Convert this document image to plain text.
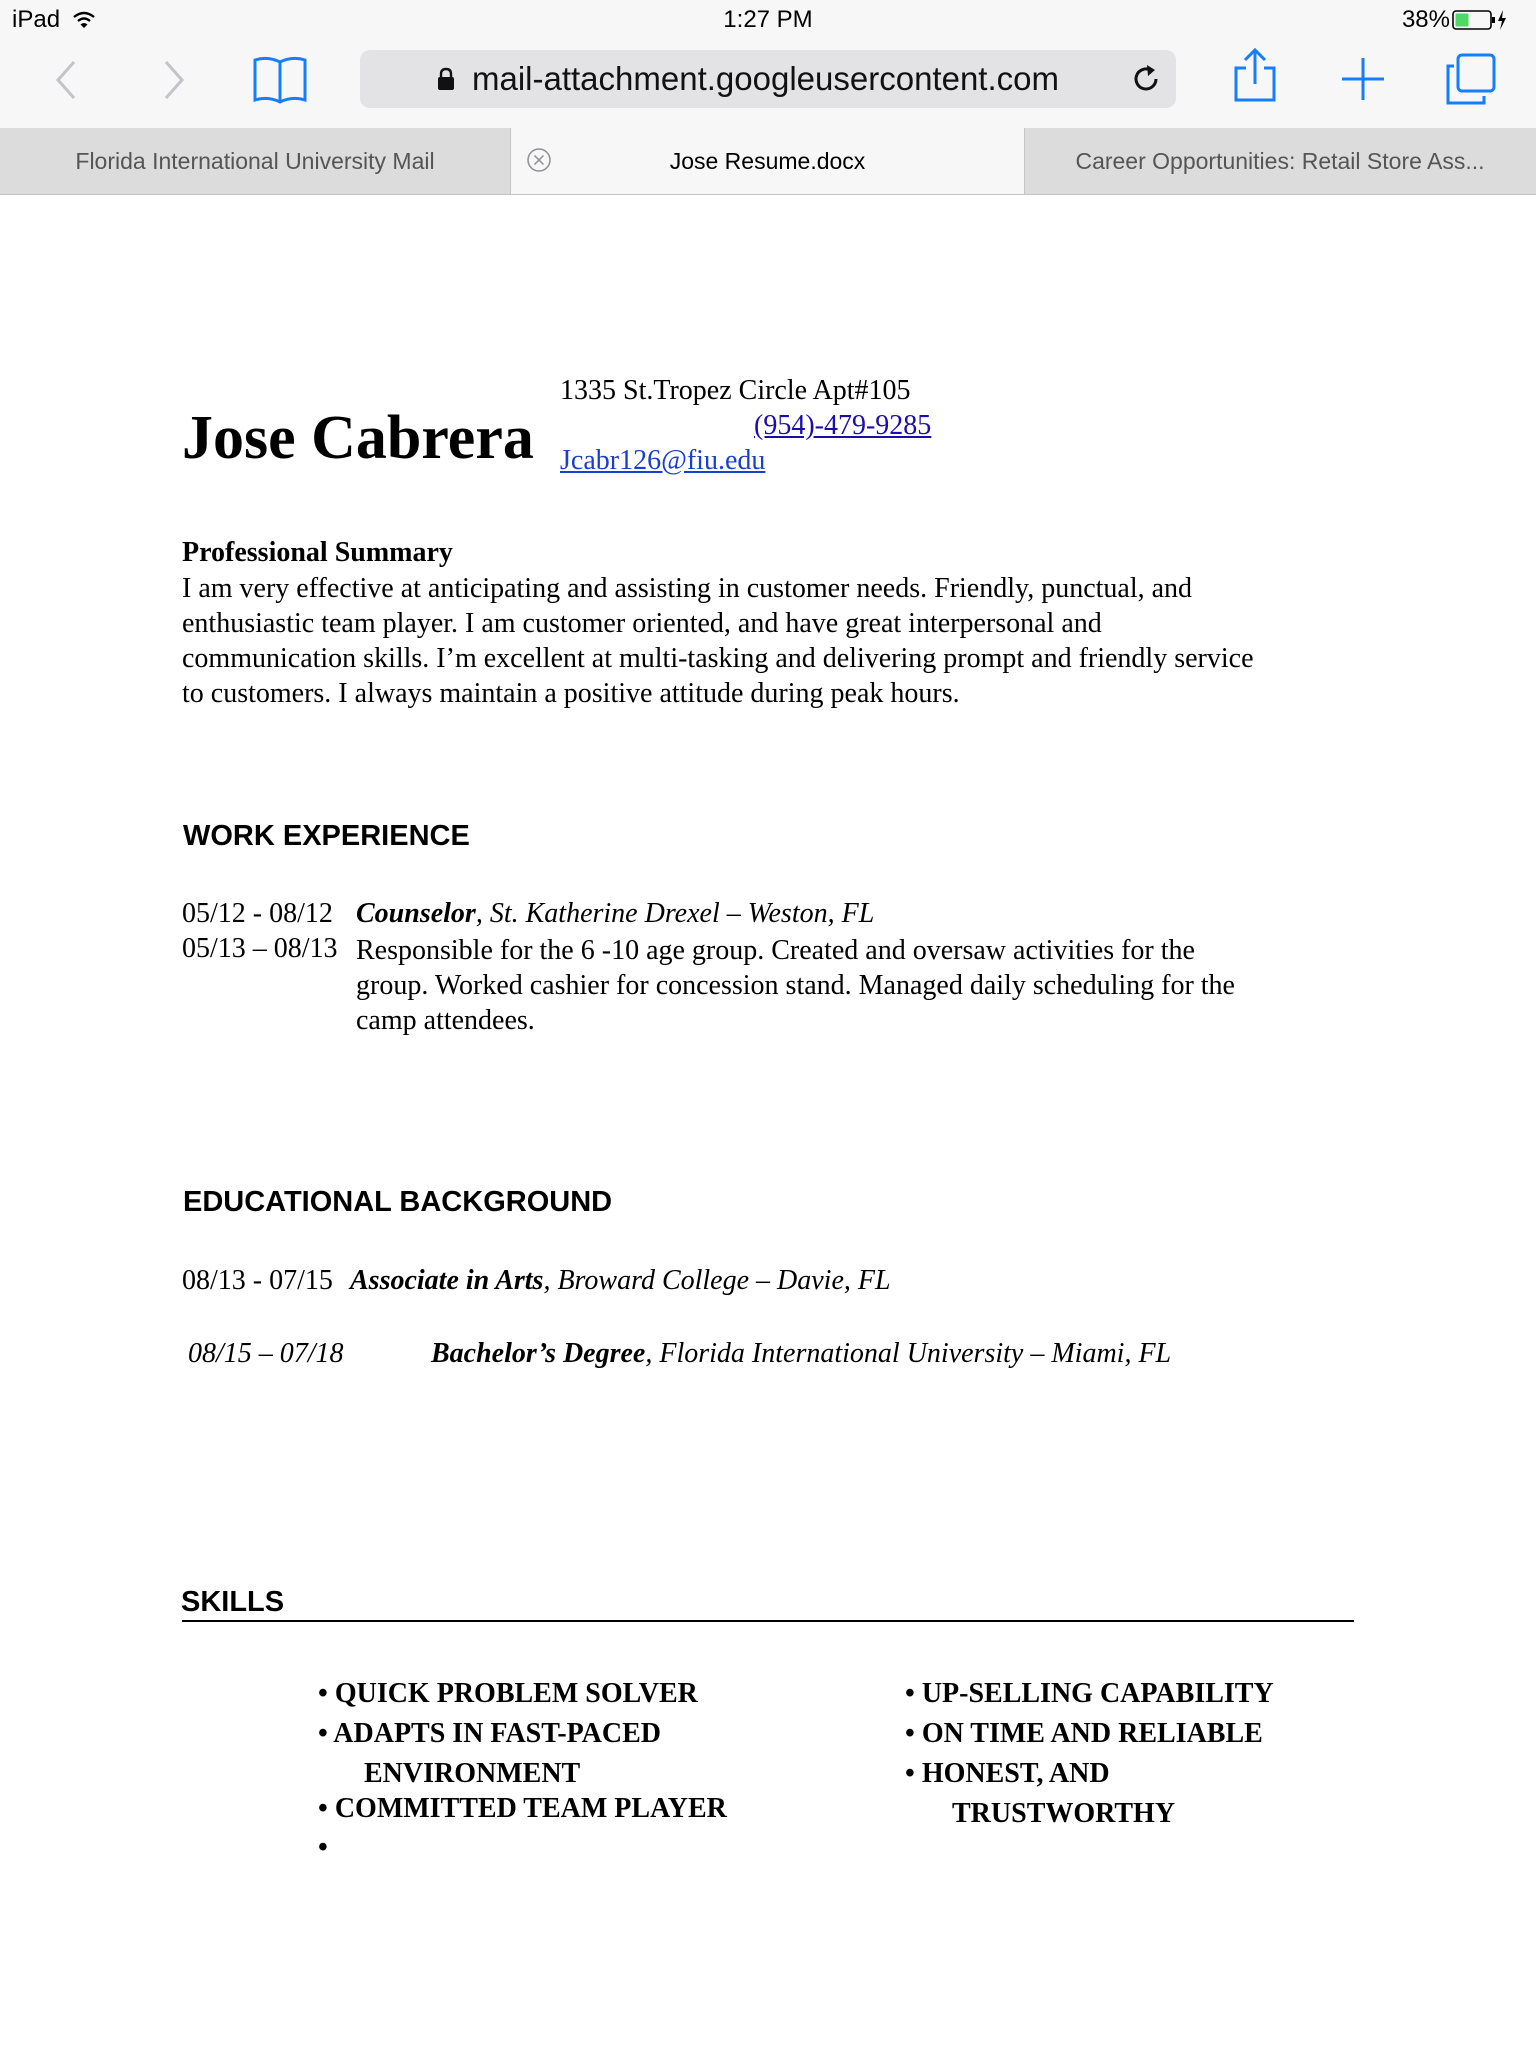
iPad	1:27 PM	38%
mail-attachment.googleusercontent.com
Florida International University Mail	Jose Resume.docx	Career Opportunities: Retail Store Ass...
Jose Cabrera
1335 St.Tropez Circle Apt#105
(954)-479-9285
Jcabr126@fiu.edu
Professional Summary
I am very effective at anticipating and assisting in customer needs. Friendly, punctual, and
enthusiastic team player. I am customer oriented, and have great interpersonal and
communication skills. I’m excellent at multi-tasking and delivering prompt and friendly service
to customers. I always maintain a positive attitude during peak hours.
WORK EXPERIENCE
05/12 - 08/12 Counselor, St. Katherine Drexel – Weston, FL
05/13 – 08/13 Responsible for the 6 -10 age group. Created and oversaw activities for the
group. Worked cashier for concession stand. Managed daily scheduling for the
camp attendees.
EDUCATIONAL BACKGROUND
08/13 - 07/15 Associate in Arts, Broward College – Davie, FL
08/15 – 07/18	Bachelor’s Degree, Florida International University – Miami, FL
SKILLS
• QUICK PROBLEM SOLVER
• ADAPTS IN FAST-PACED
ENVIRONMENT
• COMMITTED TEAM PLAYER
•
• UP-SELLING CAPABILITY
• ON TIME AND RELIABLE
• HONEST, AND
TRUSTWORTHY
